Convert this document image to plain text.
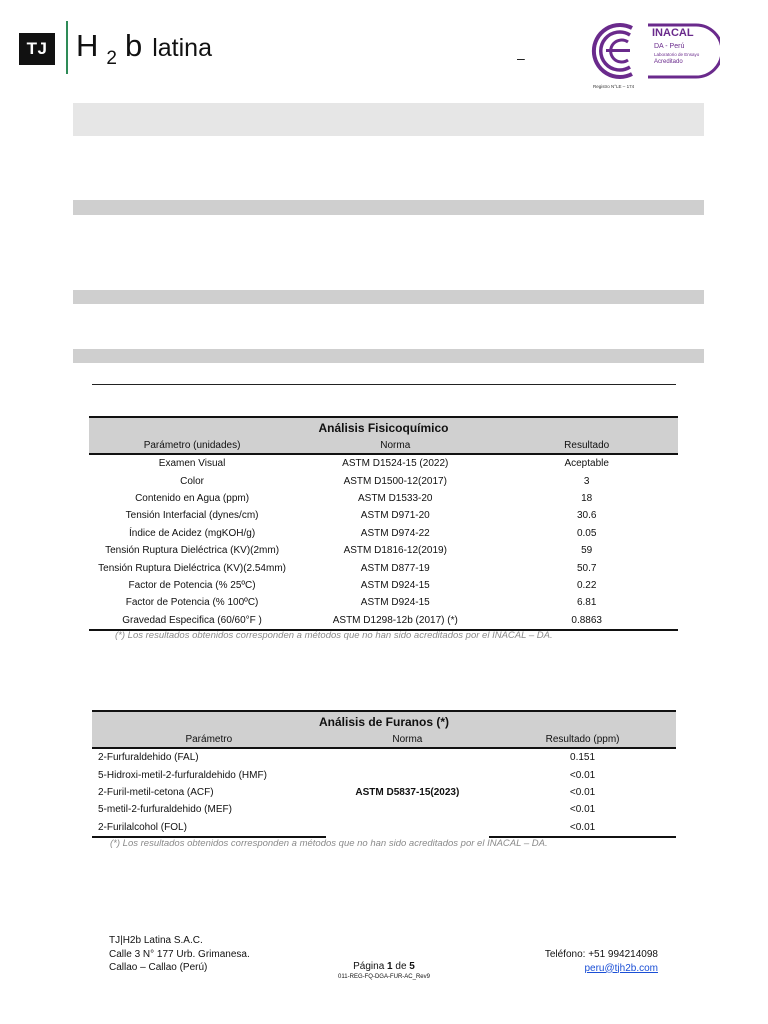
TJ H $_2$ b latina	–
INACAL
DA - Perú
Laboratorio de Ensayo
Acreditado
Registro N°LE – 174
Análisis Fisicoquímico		
Parámetro (unidades)	Norma	Resultado
Examen Visual	ASTM D1524-15 (2022)	Aceptable
Color	ASTM D1500-12(2017)	3
Contenido en Agua (ppm)	ASTM D1533-20	18
Tensión Interfacial (dynes/cm)	ASTM D971-20	30.6
Índice de Acidez (mgKOH/g)	ASTM D974-22	0.05
Tensión Ruptura Dieléctrica (KV)(2mm)	ASTM D1816-12(2019)	59
Tensión Ruptura Dieléctrica (KV)(2.54mm)	ASTM D877-19	50.7
Factor de Potencia (% 25ºC)	ASTM D924-15	0.22
Factor de Potencia (% 100ºC)	ASTM D924-15	6.81
Gravedad Especifica (60/60°F )	ASTM D1298-12b (2017) (*)	0.8863
(*) Los resultados obtenidos corresponden a métodos que no han sido acreditados por el INACAL – DA.
Análisis de Furanos (*)		
Parámetro	Norma	Resultado (ppm)
2-Furfuraldehido (FAL)	ASTM D5837-15(2023)	0.151
5-Hidroxi-metil-2-furfuraldehido (HMF)		<0.01
2-Furil-metil-cetona (ACF)		<0.01
5-metil-2-furfuraldehido (MEF)		<0.01
2-Furilalcohol (FOL)		<0.01
(*) Los resultados obtenidos corresponden a métodos que no han sido acreditados por el INACAL – DA.
TJ|H2b Latina S.A.C.
Calle 3 N° 177 Urb. Grimanesa.
Callao – Callao (Perú)	Página 1 de 5
011-REG-FQ-DGA-FUR-AC_Rev9
Teléfono: +51 994214098
peru@tjh2b.com
